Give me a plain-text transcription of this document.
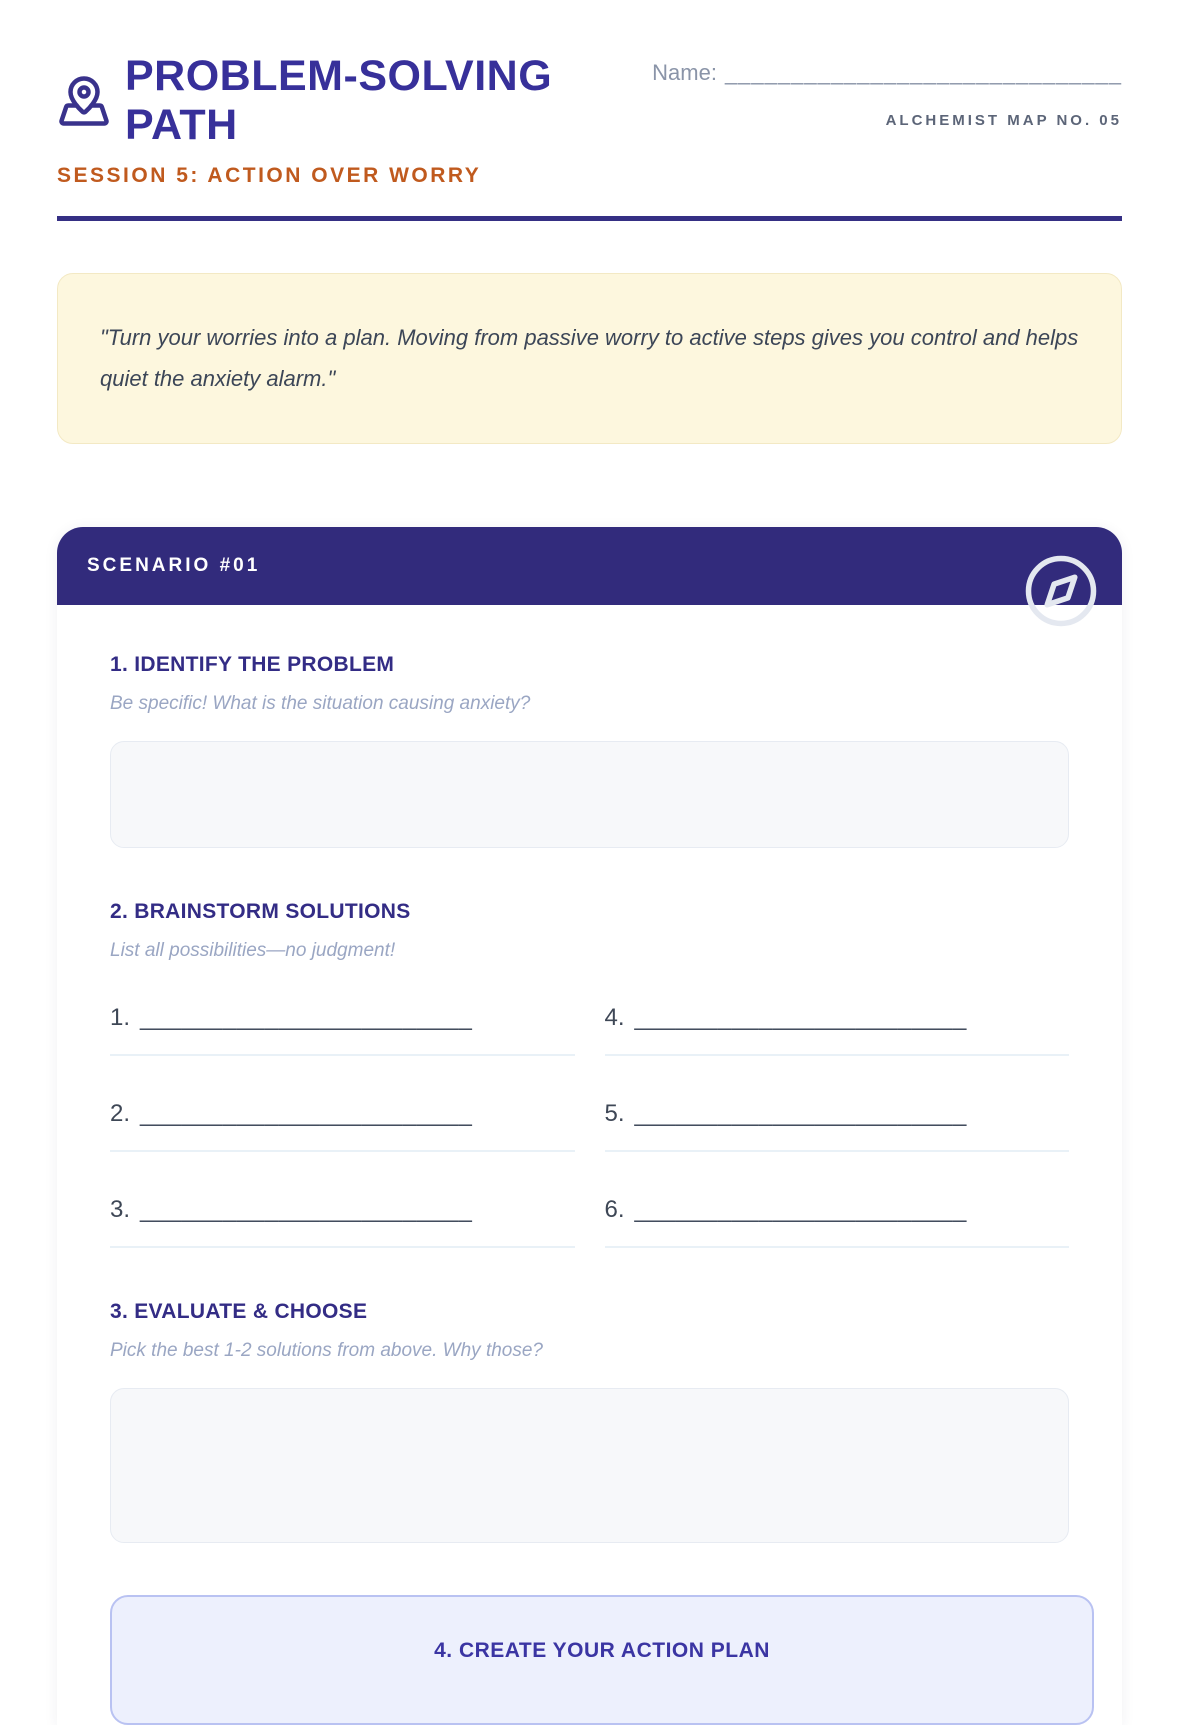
PROBLEM-SOLVING PATH
SESSION 5: ACTION OVER WORRY
Name: ______________________________
ALCHEMIST MAP NO. 05

"Turn your worries into a plan. Moving from passive worry to active steps gives you control and helps quiet the anxiety alarm."

SCENARIO #01
1. IDENTIFY THE PROBLEM
Be specific! What is the situation causing anxiety?
2. BRAINSTORM SOLUTIONS
List all possibilities—no judgment!
1. ________________________
2. ________________________
3. ________________________
4. ________________________
5. ________________________
6. ________________________
3. EVALUATE & CHOOSE
Pick the best 1-2 solutions from above. Why those?
4. CREATE YOUR ACTION PLAN
